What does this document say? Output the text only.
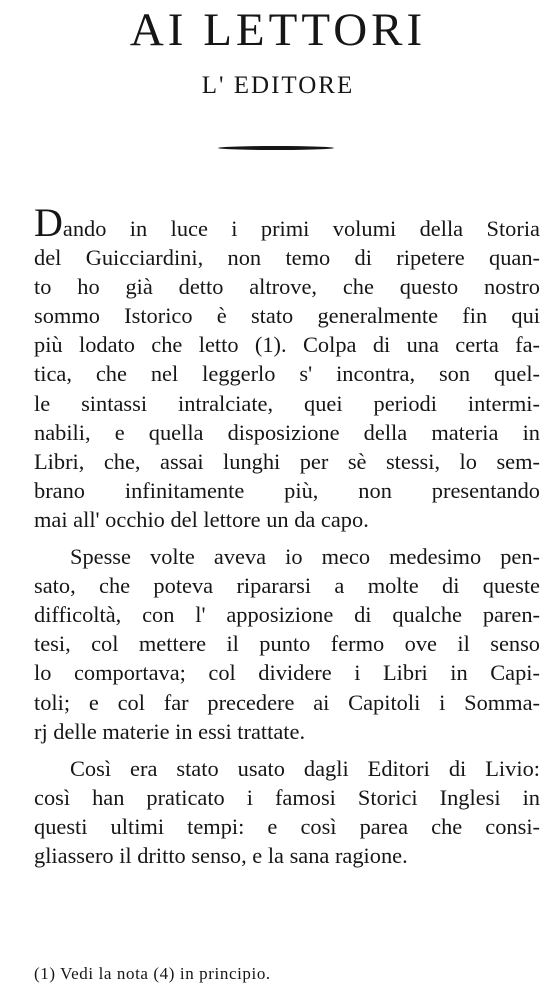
AI LETTORI
L' EDITORE
Dando in luce i primi volumi della Storia
del Guicciardini, non temo di ripetere quan-
to ho già detto altrove, che questo nostro
sommo Istorico è stato generalmente fin qui
più lodato che letto (1). Colpa di una certa fa-
tica, che nel leggerlo s' incontra, son quel-
le sintassi intralciate, quei periodi intermi-
nabili, e quella disposizione della materia in
Libri, che, assai lunghi per sè stessi, lo sem-
brano infinitamente più, non presentando
mai all' occhio del lettore un da capo.
Spesse volte aveva io meco medesimo pen-
sato, che poteva ripararsi a molte di queste
difficoltà, con l' apposizione di qualche paren-
tesi, col mettere il punto fermo ove il senso
lo comportava; col dividere i Libri in Capi-
toli; e col far precedere ai Capitoli i Somma-
rj delle materie in essi trattate.
Così era stato usato dagli Editori di Livio:
così han praticato i famosi Storici Inglesi in
questi ultimi tempi: e così parea che consi-
gliassero il dritto senso, e la sana ragione.
(1) Vedi la nota (4) in principio.
